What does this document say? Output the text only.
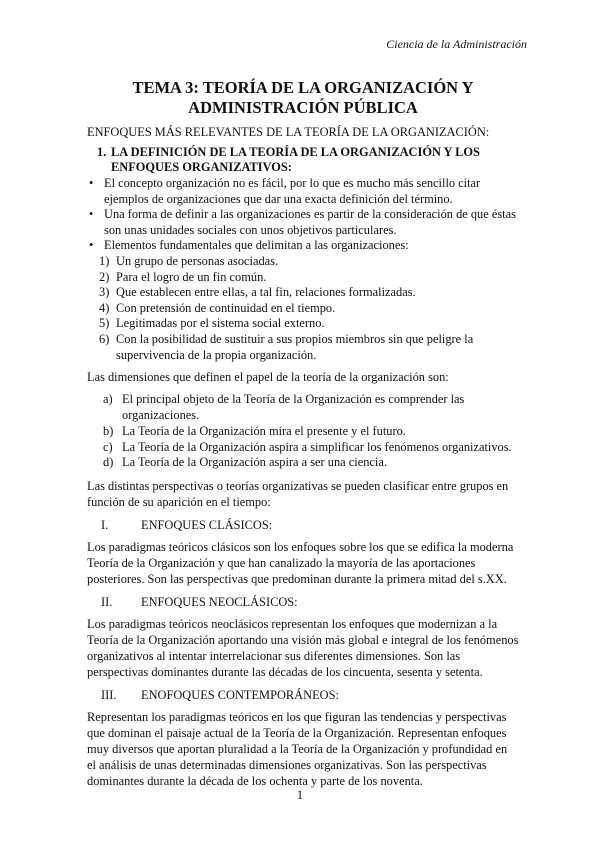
Ciencia de la Administración
TEMA 3: TEORÍA DE LA ORGANIZACIÓN Y
ADMINISTRACIÓN PÚBLICA
ENFOQUES MÁS RELEVANTES DE LA TEORÍA DE LA ORGANIZACIÓN:
1. LA DEFINICIÓN DE LA TEORÍA DE LA ORGANIZACIÓN Y LOS ENFOQUES ORGANIZATIVOS:
• El concepto organización no es fácil, por lo que es mucho más sencillo citar ejemplos de organizaciones que dar una exacta definición del término.
• Una forma de definir a las organizaciones es partir de la consideración de que éstas son unas unidades sociales con unos objetivos particulares.
• Elementos fundamentales que delimitan a las organizaciones:
1) Un grupo de personas asociadas.
2) Para el logro de un fin común.
3) Que establecen entre ellas, a tal fin, relaciones formalizadas.
4) Con pretensión de continuidad en el tiempo.
5) Legitimadas por el sistema social externo.
6) Con la posibilidad de sustituir a sus propios miembros sin que peligre la supervivencia de la propia organización.

Las dimensiones que definen el papel de la teoría de la organización son:

a) El principal objeto de la Teoría de la Organización es comprender las organizaciones.
b) La Teoría de la Organización mira el presente y el futuro.
c) La Teoría de la Organización aspira a simplificar los fenómenos organizativos.
d) La Teoría de la Organización aspira a ser una ciencia.

Las distintas perspectivas o teorías organizativas se pueden clasificar entre grupos en función de su aparición en el tiempo:

I.	ENFOQUES CLÁSICOS:

Los paradigmas teóricos clásicos son los enfoques sobre los que se edifica la moderna Teoría de la Organización y que han canalizado la mayoría de las aportaciones posteriores. Son las perspectivas que predominan durante la primera mitad del s.XX.

II. ENFOQUES NEOCLÁSICOS:

Los paradigmas teóricos neoclásicos representan los enfoques que modernizan a la Teoría de la Organización aportando una visión más global e integral de los fenómenos organizativos al intentar interrelacionar sus diferentes dimensiones. Son las perspectivas dominantes durante las décadas de los cincuenta, sesenta y setenta.

III. ENOFOQUES CONTEMPORÁNEOS:

Representan los paradigmas teóricos en los que figuran las tendencias y perspectivas que dominan el paisaje actual de la Teoría de la Organización. Representan enfoques muy diversos que aportan pluralidad a la Teoría de la Organización y profundidad en el análisis de unas determinadas dimensiones organizativas. Son las perspectivas dominantes durante la década de los ochenta y parte de los noventa.

1
